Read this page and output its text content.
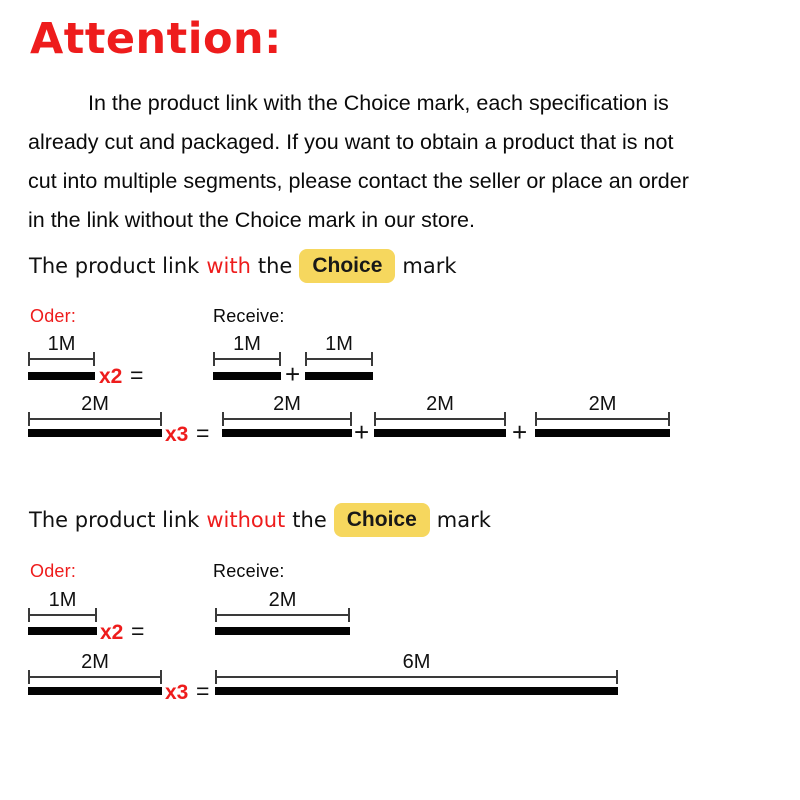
Attention:
In the product link with the Choice mark, each specification is
already cut and packaged. If you want to obtain a product that is not
cut into multiple segments, please contact the seller or place an order
in the link without the Choice mark in our store.
The product link with the Choice mark
Oder:	Receive:
1M
x2 =
1M
+
1M
2M
x3 =
2M
+
2M
+
2M
The product link without the Choice mark
Oder:	Receive:
1M
x2 =
2M
2M
x3 =
6M
